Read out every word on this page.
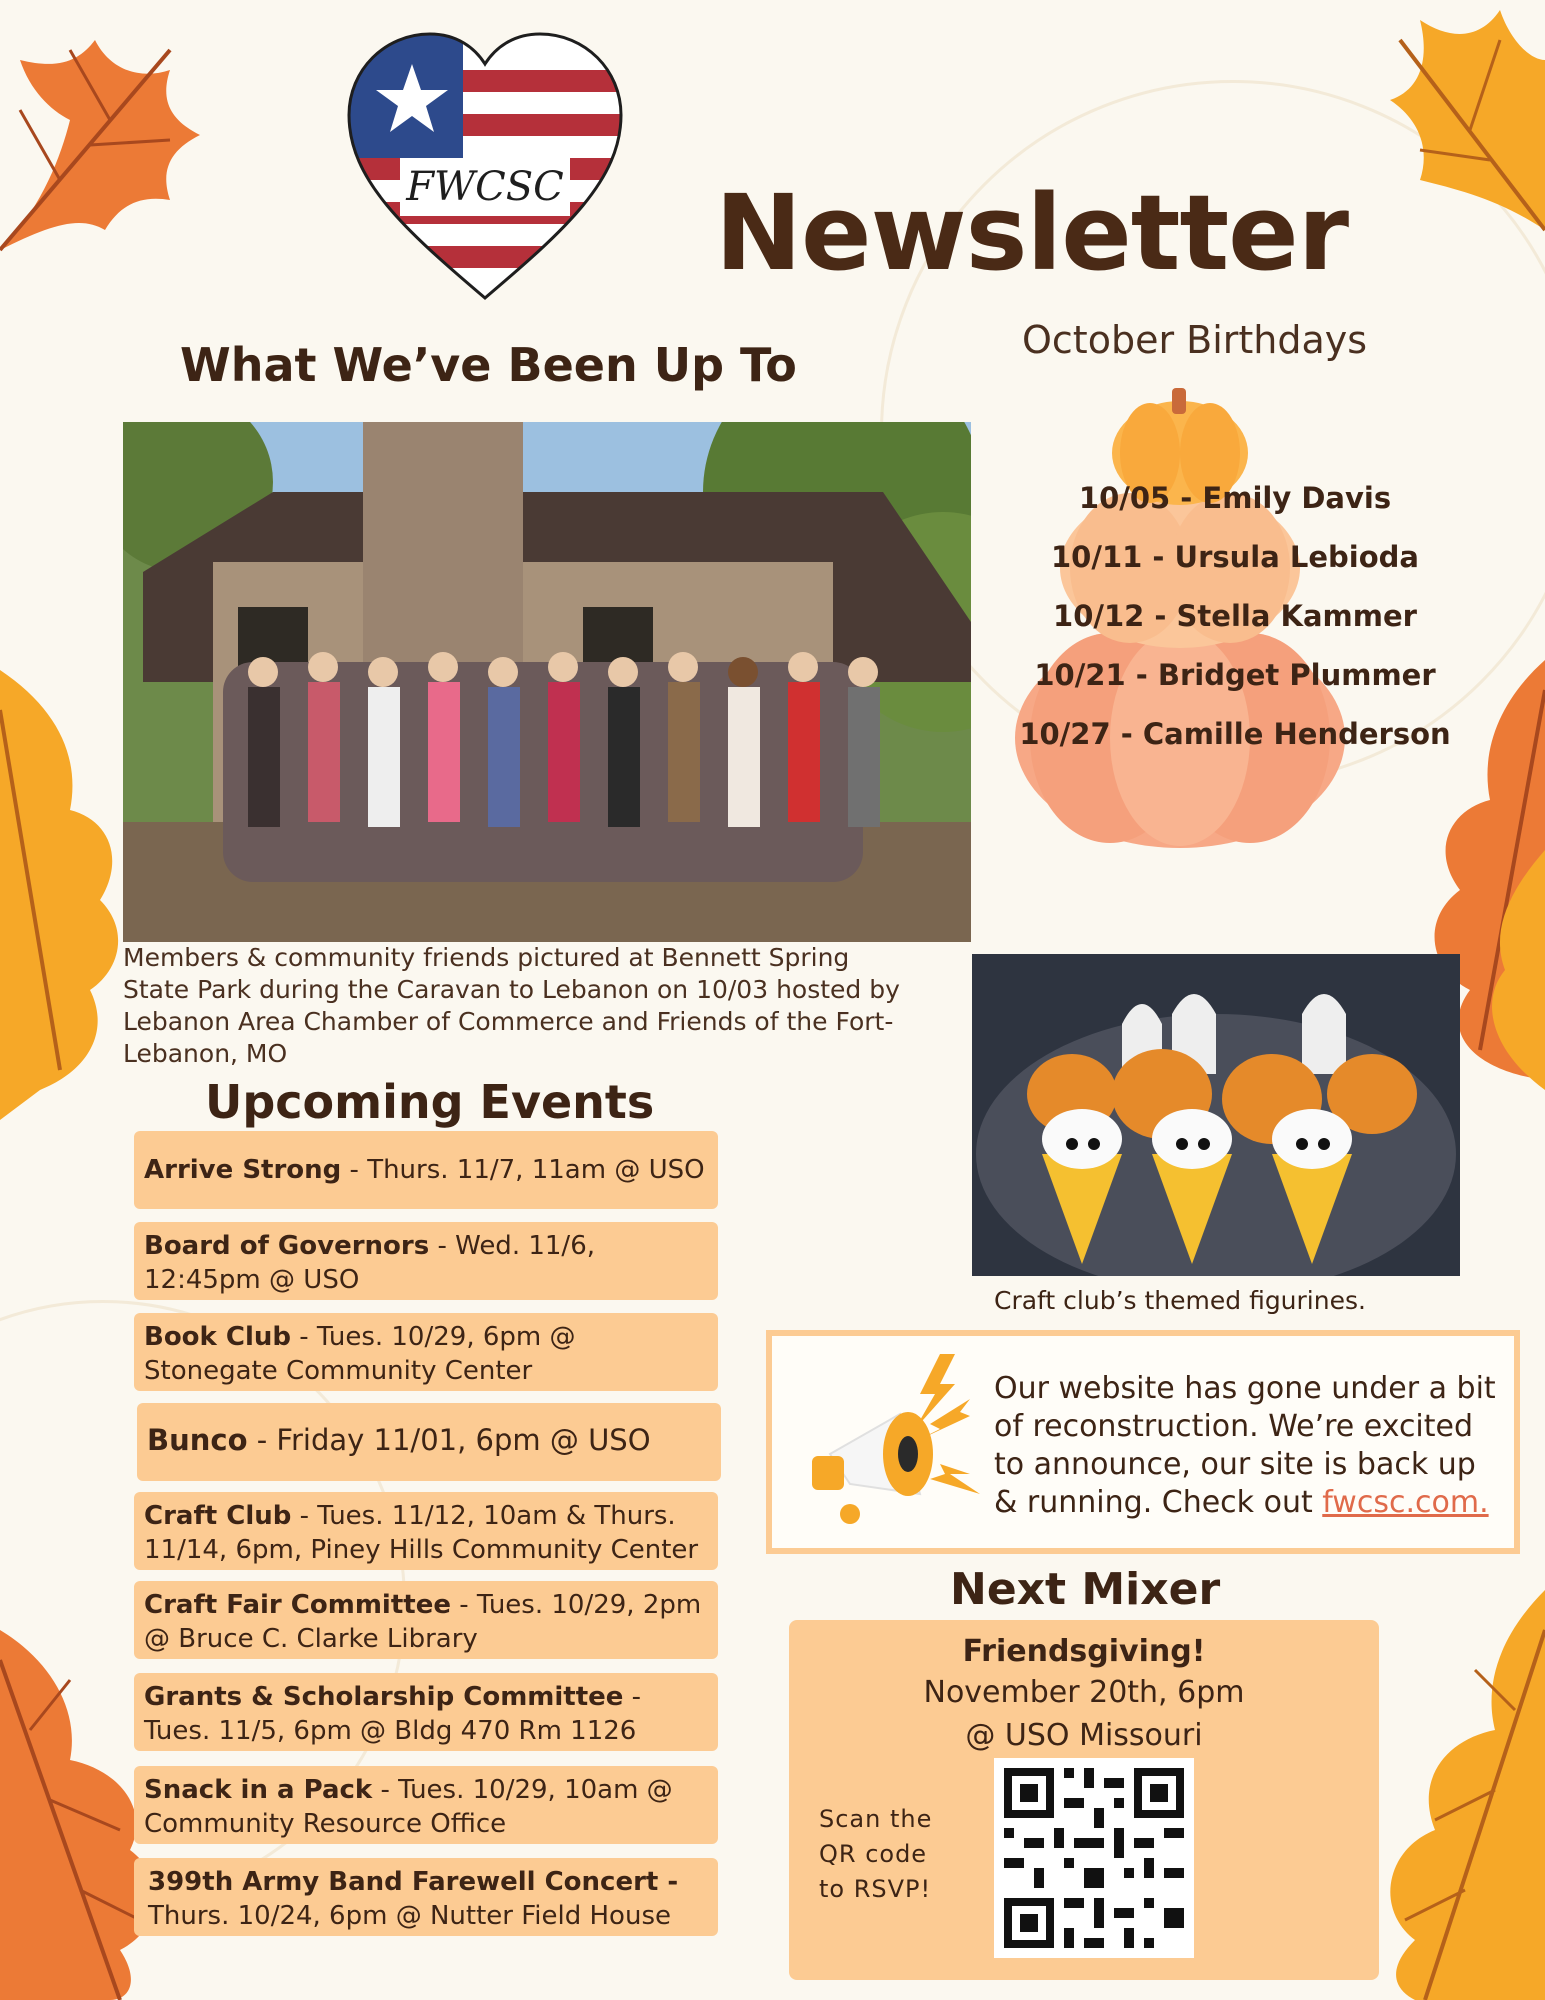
FWCSC Newsletter
What We’ve Been Up To	October Birthdays
10/05 - Emily Davis
10/11 - Ursula Lebioda
10/12 - Stella Kammer
10/21 - Bridget Plummer
10/27 - Camille Henderson
Members & community friends pictured at Bennett Spring State Park during the Caravan to Lebanon on 10/03 hosted by Lebanon Area Chamber of Commerce and Friends of the Fort- Lebanon, MO
Upcoming Events
Arrive Strong - Thurs. 11/7, 11am @ USO
Board of Governors - Wed. 11/6, 12:45pm @ USO
Book Club - Tues. 10/29, 6pm @ Stonegate Community Center
Bunco - Friday 11/01, 6pm @ USO
Craft Club - Tues. 11/12, 10am & Thurs. 11/14, 6pm, Piney Hills Community Center
Craft Fair Committee - Tues. 10/29, 2pm @ Bruce C. Clarke Library
Grants & Scholarship Committee - Tues. 11/5, 6pm @ Bldg 470 Rm 1126
Snack in a Pack - Tues. 10/29, 10am @ Community Resource Office
399th Army Band Farewell Concert - Thurs. 10/24, 6pm @ Nutter Field House
Craft club’s themed figurines.
Our website has gone under a bit of reconstruction. We’re excited to announce, our site is back up & running. Check out fwcsc.com.
Next Mixer
Friendsgiving!
November 20th, 6pm
@ USO Missouri
Scan the
QR code
to RSVP!
